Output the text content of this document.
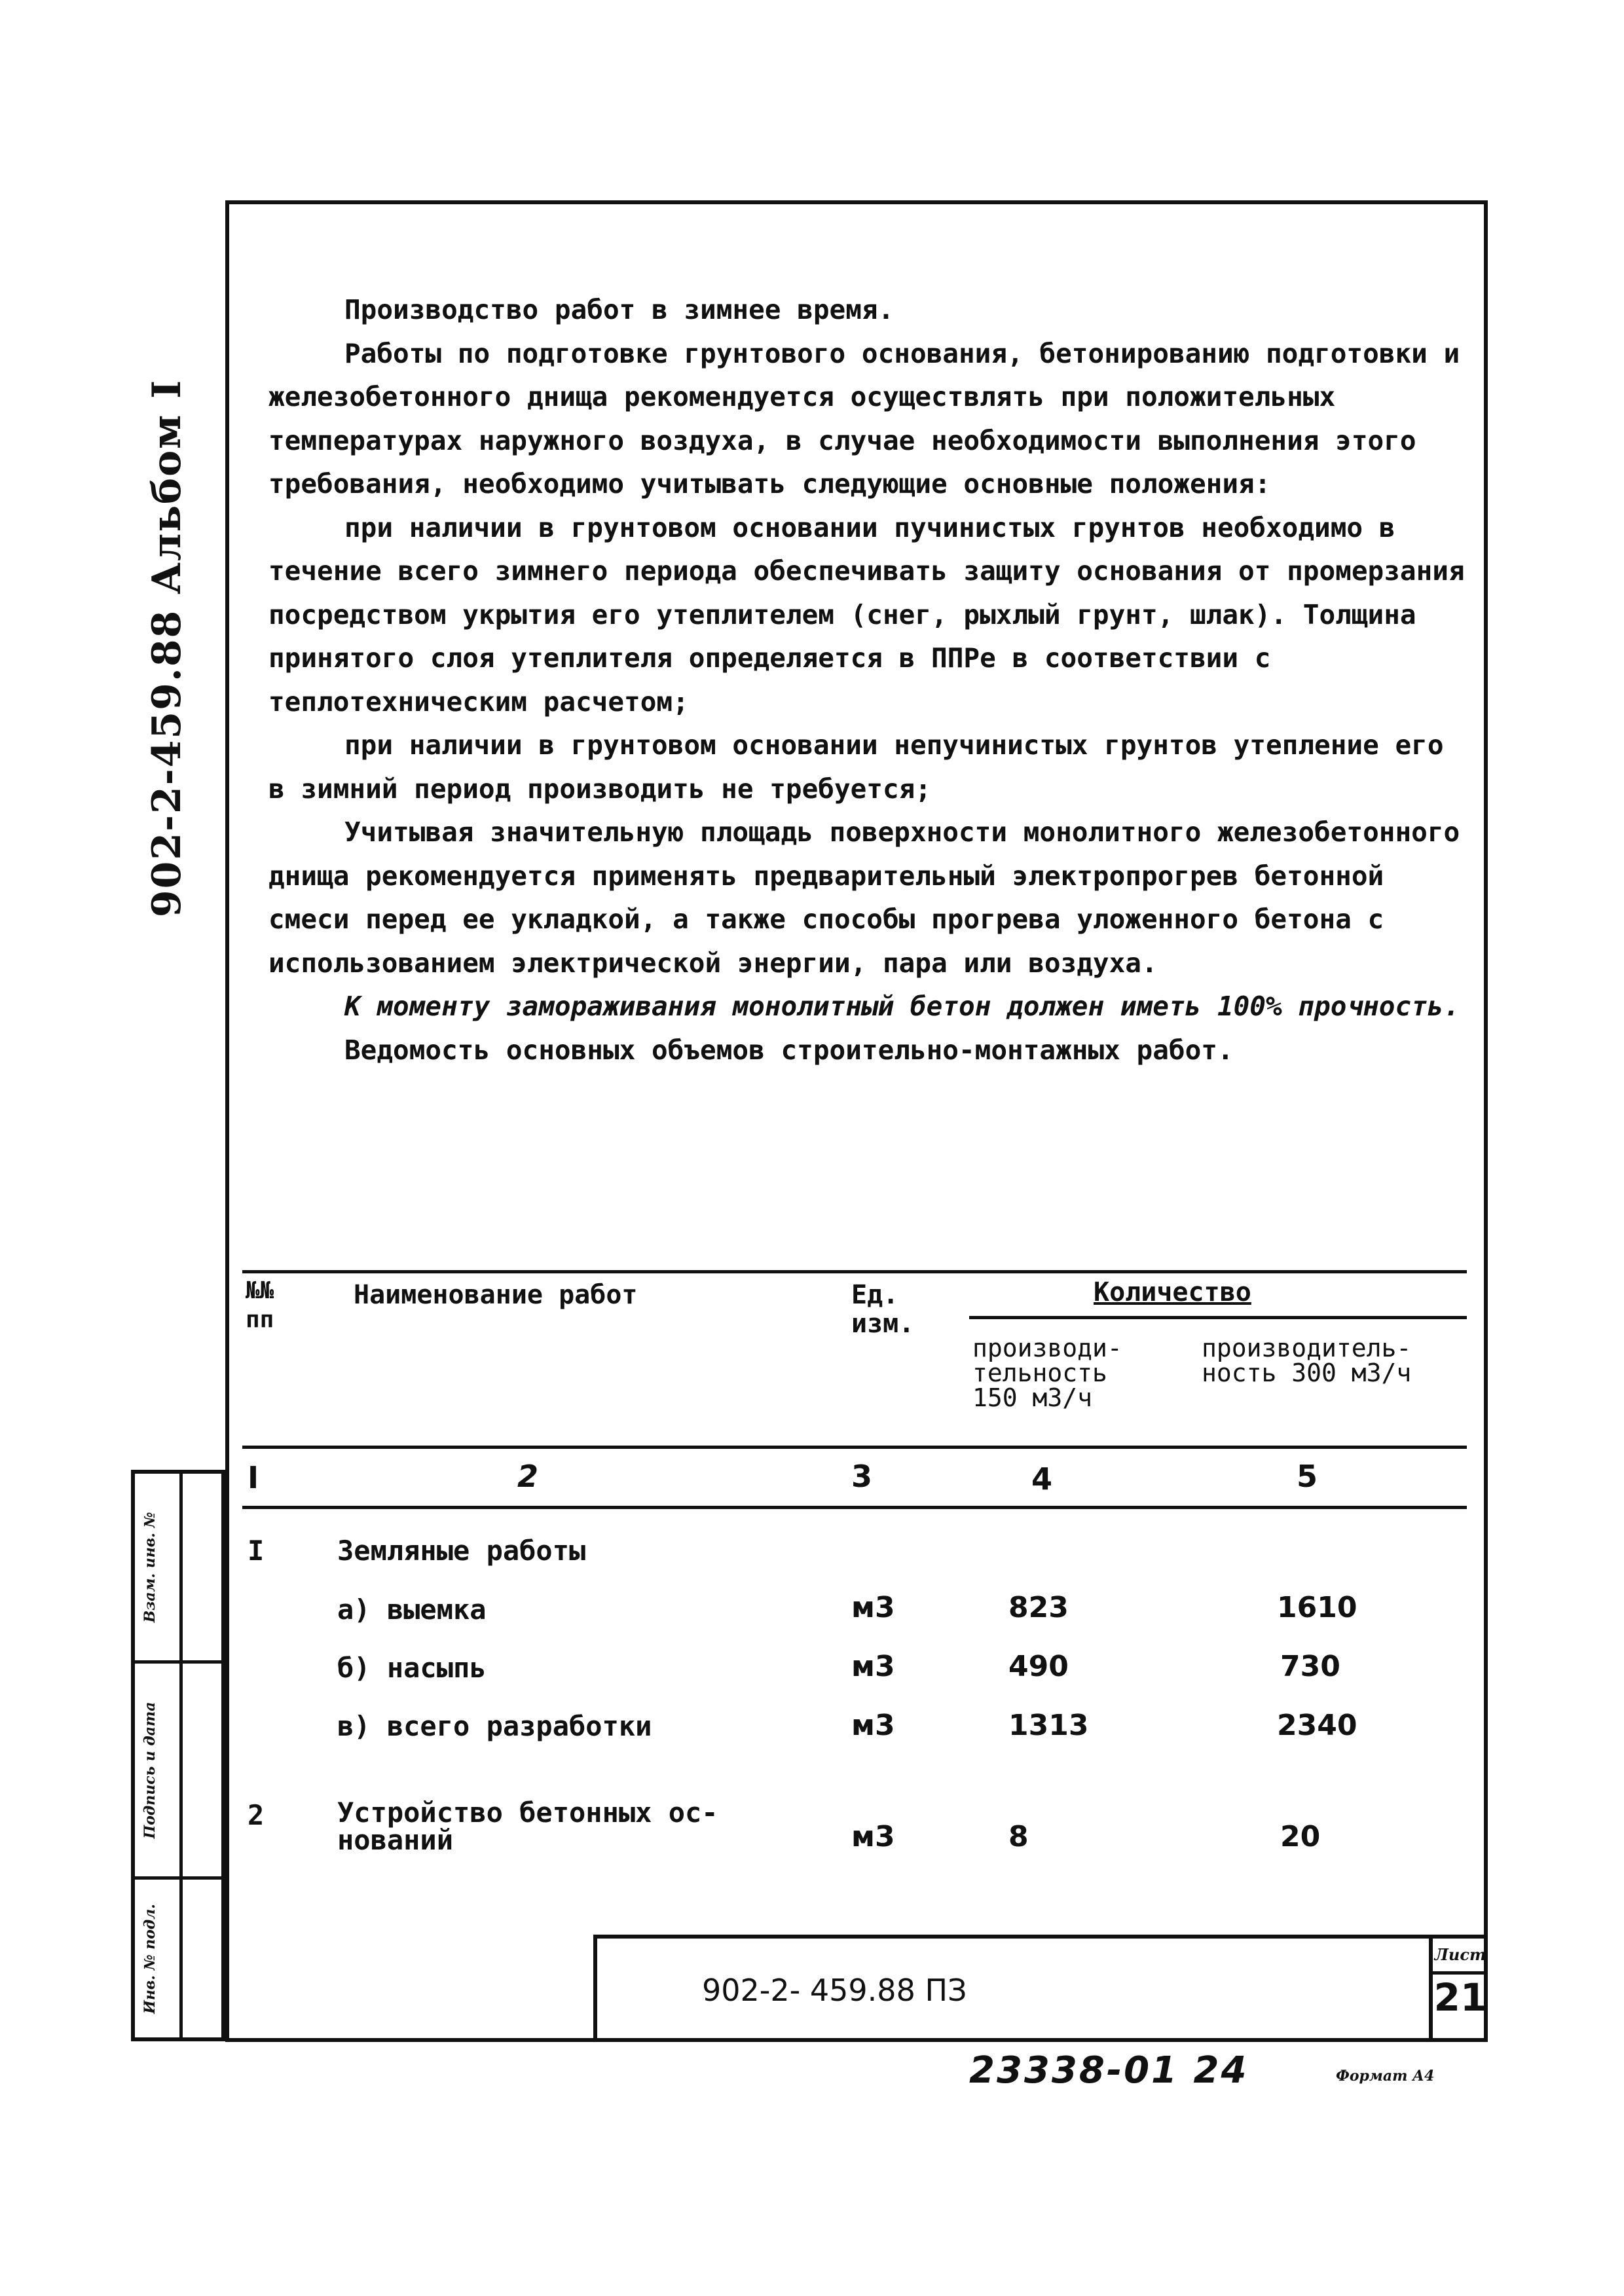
902-2-459.88 Альбом I
Взам. инв. №
Подпись и дата
Инв. № подл.

Производство работ в зимнее время.

Работы по подготовке грунтового основания, бетонированию подготовки и железобетонного днища рекомендуется осуществлять при положительных температурах наружного воздуха, в случае необходимости выполнения этого требования, необходимо учитывать следующие основные положения:

при наличии в грунтовом основании пучинистых грунтов необходимо в течение всего зимнего периода обеспечивать защиту основания от промерзания посредством укрытия его утеплителем (снег, рыхлый грунт, шлак). Толщина принятого слоя утеплителя определяется в ППРе в соответствии с теплотехническим расчетом;

при наличии в грунтовом основании непучинистых грунтов утепление его в зимний период производить не требуется;

Учитывая значительную площадь поверхности монолитного железобетонного днища рекомендуется применять предварительный электропрогрев бетонной смеси перед ее укладкой, а также способы прогрева уложенного бетона с использованием электрической энергии, пара или воздуха.

К моменту замораживания монолитный бетон должен иметь 100% прочность.

Ведомость основных объемов строительно-монтажных работ.

№№ пп
Наименование работ	Ед. изм.
Количество
производи- тельность 150 м3/ч
производитель- ность 300 м3/ч
I	2	3	4	5
I	Земляные работы
а) выемка	м3	823	1610
б) насыпь	м3	490	730
в) всего разработки	м3	1313	2340
2	Устройство бетонных ос- нований	м3	8	20
902-2- 459.88 ПЗ
Лист
21
23338-01 24	Формат А4
